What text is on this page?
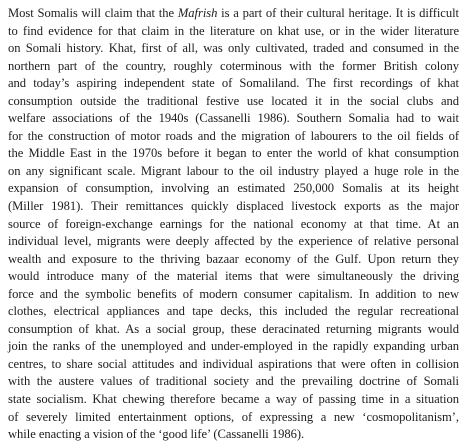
Most Somalis will claim that the Mafrish is a part of their cultural heritage. It is difficult
to find evidence for that claim in the literature on khat use, or in the wider literature
on Somali history. Khat, first of all, was only cultivated, traded and consumed in the
northern part of the country, roughly coterminous with the former British colony
and today’s aspiring independent state of Somaliland. The first recordings of khat
consumption outside the traditional festive use located it in the social clubs and
welfare associations of the 1940s (Cassanelli 1986). Southern Somalia had to wait
for the construction of motor roads and the migration of labourers to the oil fields of
the Middle East in the 1970s before it began to enter the world of khat consumption
on any significant scale. Migrant labour to the oil industry played a huge role in the
expansion of consumption, involving an estimated 250,000 Somalis at its height
(Miller 1981). Their remittances quickly displaced livestock exports as the major
source of foreign-exchange earnings for the national economy at that time. At an
individual level, migrants were deeply affected by the experience of relative personal
wealth and exposure to the thriving bazaar economy of the Gulf. Upon return they
would introduce many of the material items that were simultaneously the driving
force and the symbolic benefits of modern consumer capitalism. In addition to new
clothes, electrical appliances and tape decks, this included the regular recreational
consumption of khat. As a social group, these deracinated returning migrants would
join the ranks of the unemployed and under-employed in the rapidly expanding urban
centres, to share social attitudes and individual aspirations that were often in collision
with the austere values of traditional society and the prevailing doctrine of Somali
state socialism. Khat chewing therefore became a way of passing time in a situation
of severely limited entertainment options, of expressing a new ‘cosmopolitanism’,
while enacting a vision of the ‘good life’ (Cassanelli 1986).
